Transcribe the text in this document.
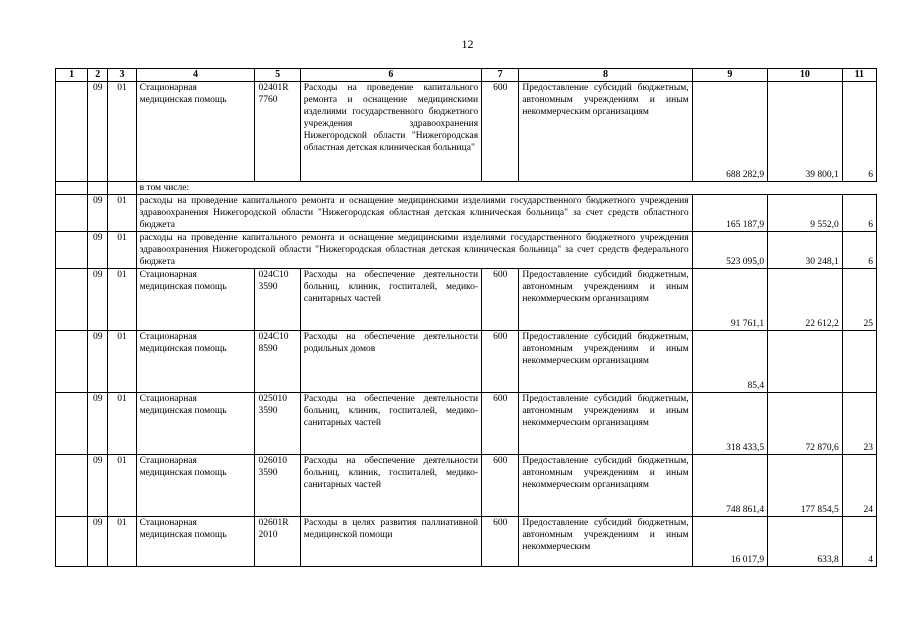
12
1	2	3	4	5	6	7	8	9	10	11
	09	01	Стационарная медицинская помощь	02401R 7760	Расходы на проведение капитального ремонта и оснащение медицинскими изделиями государственного бюджетного учреждения здравоохранения Нижегородской области "Нижегородская областная детская клиническая больница"	600	Предоставление субсидий бюджетным, автономным учреждениям и иным некоммерческим организациям	688 282,9	39 800,1	6
			в том числе:							
	09	01	расходы на проведение капитального ремонта и оснащение медицинскими изделиями государственного бюджетного учреждения здравоохранения Нижегородской области "Нижегородская областная детская клиническая больница" за счет средств областного бюджета					165 187,9	9 552,0	6
	09	01	расходы на проведение капитального ремонта и оснащение медицинскими изделиями государственного бюджетного учреждения здравоохранения Нижегородской области "Нижегородская областная детская клиническая больница" за счет средств федерального бюджета					523 095,0	30 248,1	6
	09	01	Стационарная медицинская помощь	024С10 3590	Расходы на обеспечение деятельности больниц, клиник, госпиталей, медико-санитарных частей	600	Предоставление субсидий бюджетным, автономным учреждениям и иным некоммерческим организациям	91 761,1	22 612,2	25
	09	01	Стационарная медицинская помощь	024С10 8590	Расходы на обеспечение деятельности родильных домов	600	Предоставление субсидий бюджетным, автономным учреждениям и иным некоммерческим организациям	85,4		
	09	01	Стационарная медицинская помощь	025010 3590	Расходы на обеспечение деятельности больниц, клиник, госпиталей, медико-санитарных частей	600	Предоставление субсидий бюджетным, автономным учреждениям и иным некоммерческим организациям	318 433,5	72 870,6	23
	09	01	Стационарная медицинская помощь	026010 3590	Расходы на обеспечение деятельности больниц, клиник, госпиталей, медико-санитарных частей	600	Предоставление субсидий бюджетным, автономным учреждениям и иным некоммерческим организациям	748 861,4	177 854,5	24
	09	01	Стационарная медицинская помощь	02601R 2010	Расходы в целях развития паллиативной медицинской помощи	600	Предоставление субсидий бюджетным, автономным учреждениям и иным некоммерческим	16 017,9	633,8	4
